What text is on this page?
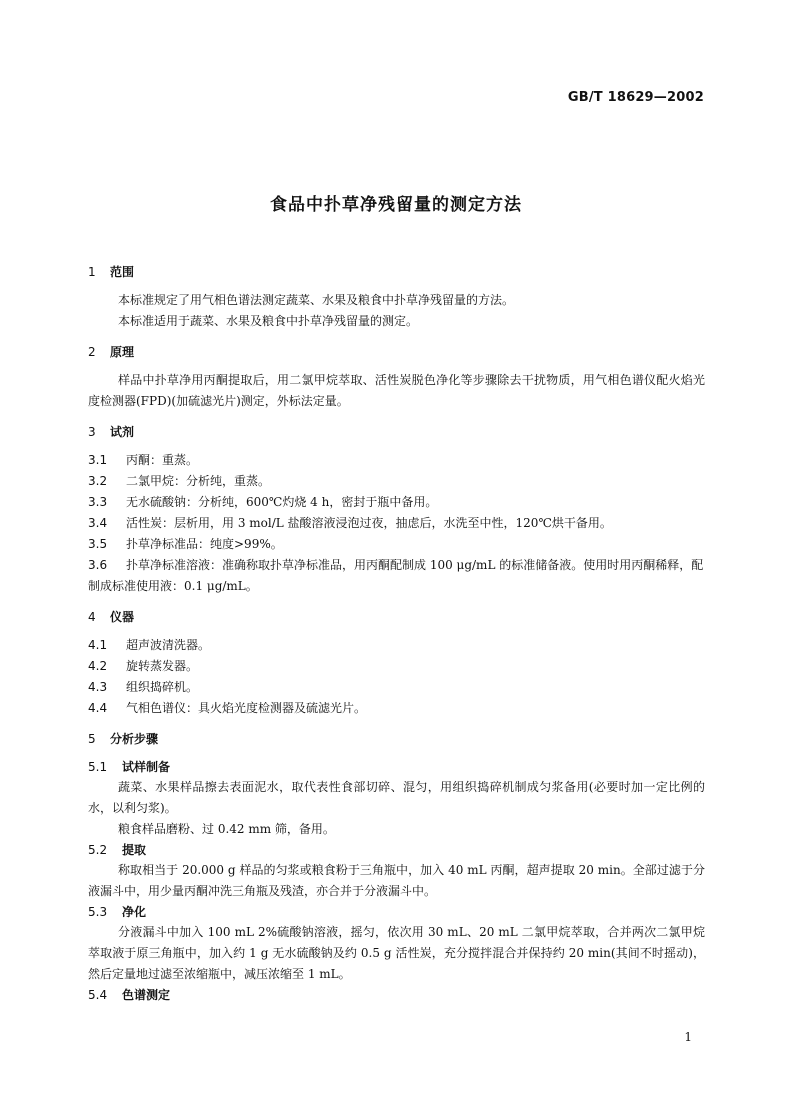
GB/T 18629—2002
食品中扑草净残留量的测定方法
1 范围

本标准规定了用气相色谱法测定蔬菜、水果及粮食中扑草净残留量的方法。

本标准适用于蔬菜、水果及粮食中扑草净残留量的测定。

2 原理

样品中扑草净用丙酮提取后，用二氯甲烷萃取、活性炭脱色净化等步骤除去干扰物质，用气相色谱仪配火焰光度检测器(FPD)(加硫滤光片)测定，外标法定量。

3 试剂

3.1 丙酮：重蒸。

3.2 二氯甲烷：分析纯，重蒸。

3.3 无水硫酸钠：分析纯，600℃灼烧 4 h，密封于瓶中备用。

3.4 活性炭：层析用，用 3 mol/L 盐酸溶液浸泡过夜，抽虑后，水洗至中性，120℃烘干备用。

3.5 扑草净标准品：纯度>99%。

3.6 扑草净标准溶液：准确称取扑草净标准品，用丙酮配制成 100 μg/mL 的标准储备液。使用时用丙酮稀释，配制成标准使用液：0.1 μg/mL。

4 仪器

4.1 超声波清洗器。

4.2 旋转蒸发器。

4.3 组织捣碎机。

4.4 气相色谱仪：具火焰光度检测器及硫滤光片。

5 分析步骤
5.1 试样制备

蔬菜、水果样品擦去表面泥水，取代表性食部切碎、混匀，用组织捣碎机制成匀浆备用(必要时加一定比例的水，以利匀浆)。

粮食样品磨粉、过 0.42 mm 筛，备用。

5.2 提取

称取相当于 20.000 g 样品的匀浆或粮食粉于三角瓶中，加入 40 mL 丙酮，超声提取 20 min。全部过滤于分液漏斗中，用少量丙酮冲洗三角瓶及残渣，亦合并于分液漏斗中。

5.3 净化

分液漏斗中加入 100 mL 2%硫酸钠溶液，摇匀，依次用 30 mL、20 mL 二氯甲烷萃取，合并两次二氯甲烷萃取液于原三角瓶中，加入约 1 g 无水硫酸钠及约 0.5 g 活性炭，充分搅拌混合并保持约 20 min(其间不时摇动)，然后定量地过滤至浓缩瓶中，减压浓缩至 1 mL。

5.4 色谱测定
1
